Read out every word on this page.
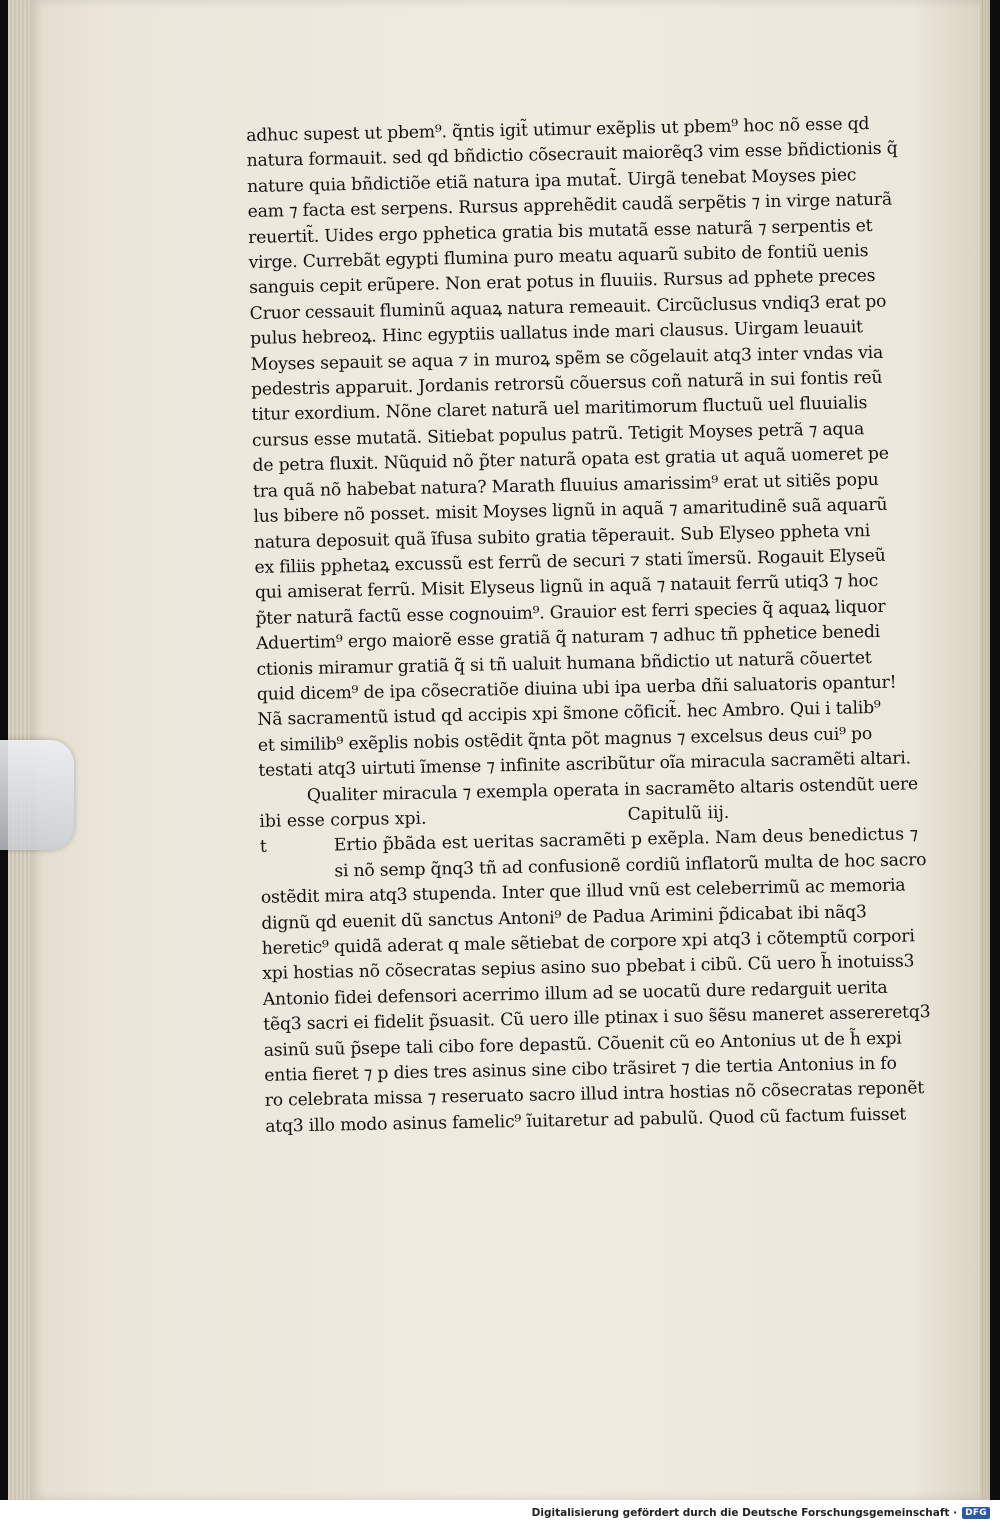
adhuc supest ut pbem⁹. q̃ntis igit̃ utimur exẽplis ut pbem⁹ hoc nõ esse qd
natura formauit. sed qd bñdictio cõsecrauit maiorẽq3 vim esse bñdictionis q̃
nature quia bñdictiõe etiã natura ipa mutat̃. Uirgã tenebat Moyses piec
eam ⁊ facta est serpens. Rursus apprehẽdit caudã serpẽtis ⁊ in virge naturã
reuertit̃. Uides ergo pphetica gratia bis mutatã esse naturã ⁊ serpentis et
virge. Currebãt egypti flumina puro meatu aquarũ subito de fontiũ uenis
sanguis cepit erũpere. Non erat potus in fluuiis. Rursus ad pphete preces
Cruor cessauit fluminũ aquaꝝ natura remeauit. Circũclusus vndiq3 erat po
pulus hebreoꝝ. Hinc egyptiis uallatus inde mari clausus. Uirgam leuauit
Moyses sepauit se aqua ⁊ in muroꝝ spẽm se cõgelauit atq3 inter vndas via
pedestris apparuit. Jordanis retrorsũ cõuersus coñ naturã in sui fontis reũ
titur exordium. Nõne claret naturã uel maritimorum fluctuũ uel fluuialis
cursus esse mutatã. Sitiebat populus patrũ. Tetigit Moyses petrã ⁊ aqua
de petra fluxit. Nũquid nõ p̃ter naturã opata est gratia ut aquã uomeret pe
tra quã nõ habebat natura? Marath fluuius amarissim⁹ erat ut sitiẽs popu
lus bibere nõ posset. misit Moyses lignũ in aquã ⁊ amaritudinẽ suã aquarũ
natura deposuit quã ĩfusa subito gratia tẽperauit. Sub Elyseo pphetа vni
ex filiis pphetaꝝ excussũ est ferrũ de securi ⁊ stati ĩmersũ. Rogauit Elyseũ
qui amiserat ferrũ. Misit Elyseus lignũ in aquã ⁊ natauit ferrũ utiq3 ⁊ hoc
p̃ter naturã factũ esse cognouim⁹. Grauior est ferri species q̃ aquaꝝ liquor
Aduertim⁹ ergo maiorẽ esse gratiã q̃ naturam ⁊ adhuc tñ pphetice benedi
ctionis miramur gratiã q̃ si tñ ualuit humana bñdictio ut naturã cõuertet
quid dicem⁹ de ipa cõsecratiõe diuina ubi ipa uerba dñi saluatoris opantur!
Nã sacramentũ istud qd accipis xpi s̃mone cõficit̃. hec Ambro. Qui i talib⁹
et similib⁹ exẽplis nobis ostẽdit q̃nta põt magnus ⁊ excelsus deus cui⁹ po
testati atq3 uirtuti ĩmense ⁊ infinite ascribũtur oĩa miracula sacramẽti altari.
Qualiter miracula ⁊ exempla operata in sacramẽto altaris ostendũt uere
ibi esse corpus xpi.	Capitulũ iij.
t	Ertio p̃bãda est ueritas sacramẽti p exẽpla. Nam deus benedictus ⁊
si nõ semp q̃nq3 tñ ad confusionẽ cordiũ inflatorũ multa de hoc sacro
ostẽdit mira atq3 stupenda. Inter que illud vnũ est celeberrimũ ac memoria
dignũ qd euenit dũ sanctus Antoni⁹ de Padua Arimini p̃dicabat ibi nãq3
heretic⁹ quidã aderat q male sẽtiebat de corpore xpi atq3 i cõtemptũ corpori
xpi hostias nõ cõsecratas sepius asino suo pbebat i cibũ. Cũ uero h̃ inotuiss3
Antonio fidei defensori acerrimo illum ad se uocatũ dure redarguit ueritа
tẽq3 sacri ei fidelit p̃suasit. Cũ uero ille ptinax i suo s̃ẽsu maneret assereretq3
asinũ suũ p̃sepe tali cibo fore depastũ. Cõuenit cũ eo Antonius ut de h̃ expi
entia fieret ⁊ p dies tres asinus sine cibo trãsiret ⁊ die tertia Antonius in fo
ro celebrata missa ⁊ reseruato sacro illud intra hostias nõ cõsecratas reponẽt
atq3 illo modo asinus famelic⁹ ĩuitaretur ad pabulũ. Quod cũ factum fuisset
Digitalisierung gefördert durch die Deutsche Forschungsgemeinschaft · DFG
